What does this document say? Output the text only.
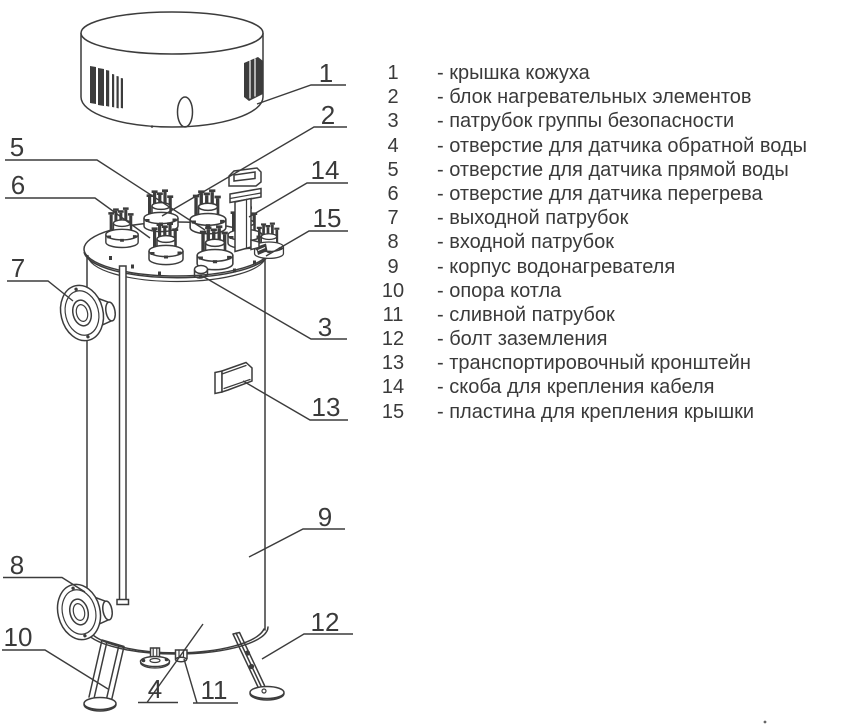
1
2
14
15
3
13
9
12
5
6
7
8
10
4 11
1	- крышка кожуха
2	- блок нагревательных элементов
3	- патрубок группы безопасности
4	- отверстие для датчика обратной воды
5	- отверстие для датчика прямой воды
6	- отверстие для датчика перегрева
7	- выходной патрубок
8	- входной патрубок
9	- корпус водонагревателя
10	- опора котла
11	- сливной патрубок
12	- болт заземления
13	- транспортировочный кронштейн
14	- скоба для крепления кабеля
15	- пластина для крепления крышки
